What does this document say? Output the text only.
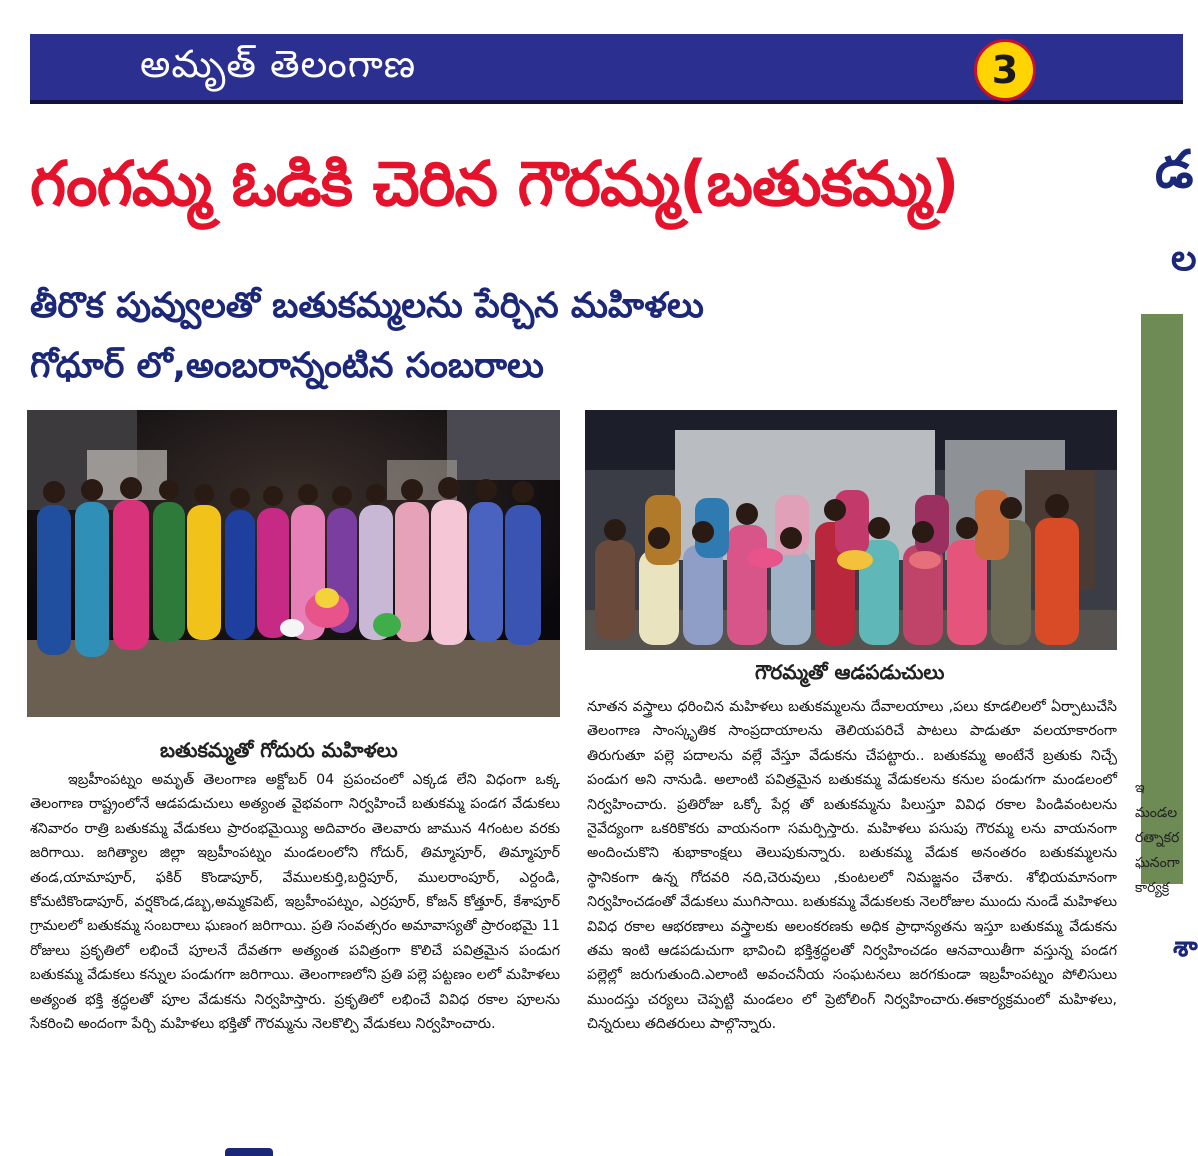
అమృత్ తెలంగాణ	3
గంగమ్మ ఓడికి చెరిన గౌరమ్మ(బతుకమ్మ)
తీరొక పువ్వులతో బతుకమ్మలను పేర్చిన మహిళలు
గోధూర్ లో,అంబరాన్నంటిన సంబరాలు
గౌరమ్మతో ఆడపడుచులు
బతుకమ్మతో గోదురు మహిళలు
ఇబ్రహీంపట్నం అమృత్ తెలంగాణ అక్టోబర్ 04 ప్రపంచంలో ఎక్కడ లేని విధంగా ఒక్క తెలంగాణ రాష్ట్రంలోనే ఆడపడుచులు అత్యంత వైభవంగా నిర్వహించే బతుకమ్మ పండగ వేడుకలు శనివారం రాత్రి బతుకమ్మ వేడుకలు ప్రారంభమైయ్యి అదివారం తెలవారు జామున 4గంటల వరకు జరిగాయి. జగిత్యాల జిల్లా ఇబ్రహీంపట్నం మండలంలోని గోదుర్, తిమ్మాపూర్, తిమ్మాపూర్ తండ,యామాపూర్, ఫకిర్ కొండాపూర్, వేములకుర్తి,బర్దిపూర్, ములరాంపూర్, ఎర్దండి, కోమటికొండాపూర్, వర్షకొండ,డబ్బ,అమ్మకపెట్, ఇబ్రహీంపట్నం, ఎర్రపూర్, కోజన్ కోత్తూర్, కేశాపూర్ గ్రామలలో బతుకమ్మ సంబరాలు ఘణంగ జరిగాయి. ప్రతి సంవత్సరం అమావాస్యతో ప్రారంభమై 11 రోజులు ప్రకృతిలో లభించే పూలనే దేవతగా అత్యంత పవిత్రంగా కొలిచే పవిత్రమైన పండుగ బతుకమ్మ వేడుకలు కన్నుల పండుగగా జరిగాయి. తెలంగాణలోని ప్రతి పల్లె పట్టణం లలో మహిళలు అత్యంత భక్తి శ్రద్ధలతో పూల వేడుకను నిర్వహిస్తారు. ప్రకృతిలో లభించే వివిధ రకాల పూలను సేకరించి అందంగా పేర్చి మహిళలు భక్తితో గౌరమ్మను నెలకొల్పి వేడుకలు నిర్వహించారు.
నూతన వస్త్రాలు ధరించిన మహిళలు బతుకమ్మలను దేవాలయాలు ,పలు కూడలిలలో ఏర్పాటుచేసి తెలంగాణ సాంస్కృతిక సాంప్రదాయాలను తెలియపరిచే పాటలు పాడుతూ వలయాకారంగా తిరుగుతూ పల్లె పదాలను వల్లే వేస్తూ వేడుకను చేపట్టారు.. బతుకమ్మ అంటేనే బ్రతుకు నిచ్చే పండుగ అని నానుడి. అలాంటి పవిత్రమైన బతుకమ్మ వేడుకలను కనుల పండుగగా మండలంలో నిర్వహించారు. ప్రతిరోజు ఒక్కో పేర్ల తో బతుకమ్మను పిలుస్తూ వివిధ రకాల పిండివంటలను నైవేద్యంగా ఒకరికొకరు వాయనంగా సమర్పిస్తారు. మహిళలు పసుపు గౌరమ్మ లను వాయనంగా అందించుకొని శుభాకాంక్షలు తెలుపుకున్నారు. బతుకమ్మ వేడుక అనంతరం బతుకమ్మలను స్థానికంగా ఉన్న గోదవరి నది,చెరువులు ,కుంటలలో నిమజ్జనం చేశారు. శోభియమానంగా నిర్వహించడంతో వేడుకలు ముగిసాయి. బతుకమ్మ వేడుకలకు నెలరోజుల ముందు నుండే మహిళలు వివిధ రకాల ఆభరణాలు వస్త్రాలకు అలంకరణకు అధిక ప్రాధాన్యతను ఇస్తూ బతుకమ్మ వేడుకను తమ ఇంటి ఆడపడుచుగా భావించి భక్తిశ్రద్ధలతో నిర్వహించడం ఆనవాయితీగా వస్తున్న పండగ పల్లెల్లో జరుగుతుంది.ఎలాంటి అవంచనీయ సంఘటనలు జరగకుండా ఇబ్రహీంపట్నం పోలిసులు ముందస్తు చర్యలు చెప్పట్టి మండలం లో ప్రెటోలింగ్ నిర్వహించారు.ఈకార్యక్రమంలో మహిళలు, చిన్నరులు తదితరులు పాల్గొన్నారు.
డ
ల
ఇ
మండల
రత్నాకర
ఘనంగా
కార్యక్ర
శా
